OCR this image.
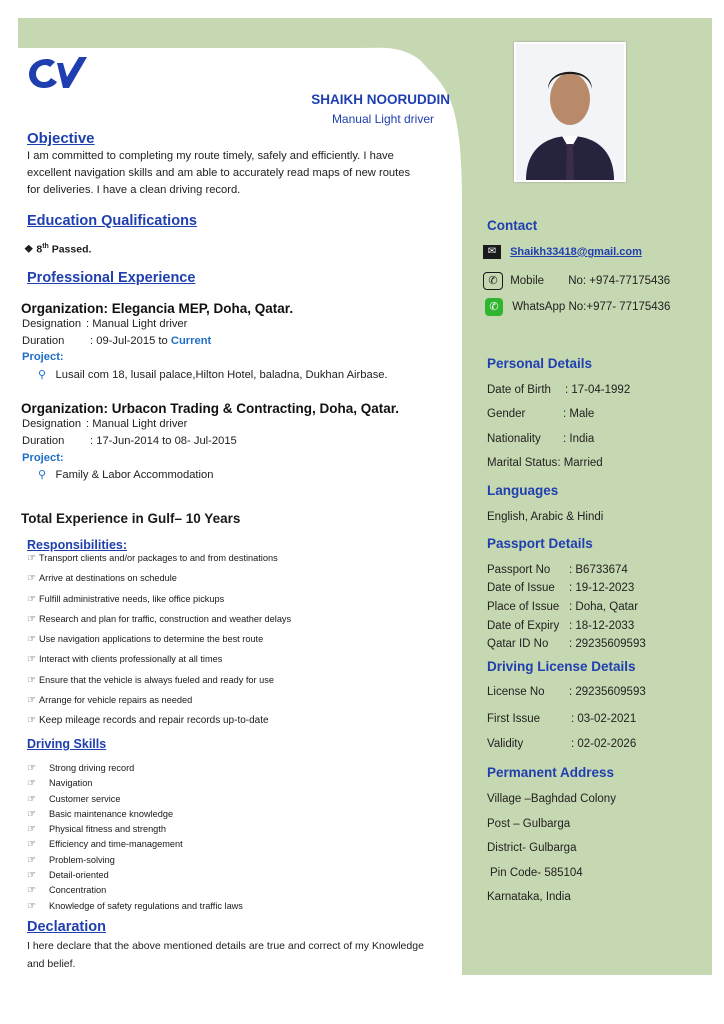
SHAIKH NOORUDDIN
Manual Light driver
Objective
I am committed to completing my route timely, safely and efficiently. I have
excellent navigation skills and am able to accurately read maps of new routes
for deliveries. I have a clean driving record.
Education Qualifications
❖ 8th Passed.
Professional Experience
Organization: Elegancia MEP, Doha, Qatar.
Designation : Manual Light driver
Duration : 09-Jul-2015 to Current
Project:
⚲ Lusail com 18, lusail palace,Hilton Hotel, baladna, Dukhan Airbase.
Organization: Urbacon Trading & Contracting, Doha, Qatar.
Designation : Manual Light driver
Duration : 17-Jun-2014 to 08- Jul-2015
Project:
⚲ Family & Labor Accommodation
Total Experience in Gulf– 10 Years
Responsibilities:
☞ Transport clients and/or packages to and from destinations
☞ Arrive at destinations on schedule
☞ Fulfill administrative needs, like office pickups
☞ Research and plan for traffic, construction and weather delays
☞ Use navigation applications to determine the best route
☞ Interact with clients professionally at all times
☞ Ensure that the vehicle is always fueled and ready for use
☞ Arrange for vehicle repairs as needed
☞ Keep mileage records and repair records up-to-date
Driving Skills
☞ Strong driving record
☞ Navigation
☞ Customer service
☞ Basic maintenance knowledge
☞ Physical fitness and strength
☞ Efficiency and time-management
☞ Problem-solving
☞ Detail-oriented
☞ Concentration
☞ Knowledge of safety regulations and traffic laws
Declaration
I here declare that the above mentioned details are true and correct of my Knowledge
and belief.
Contact
✉ Shaikh33418@gmail.com
✆ Mobile No: +974-77175436
✆ WhatsApp No:+977- 77175436
Personal Details
Date of Birth : 17-04-1992
Gender	: Male
Nationality : India
Marital Status: Married
Languages
English, Arabic & Hindi
Passport Details
Passport No : B6733674
Date of Issue : 19-12-2023
Place of Issue : Doha, Qatar
Date of Expiry : 18-12-2033
Qatar ID No : 29235609593
Driving License Details
License No : 29235609593
First Issue	: 03-02-2021
Validity	: 02-02-2026
Permanent Address
Village –Baghdad Colony
Post – Gulbarga
District- Gulbarga
Pin Code- 585104
Karnataka, India
